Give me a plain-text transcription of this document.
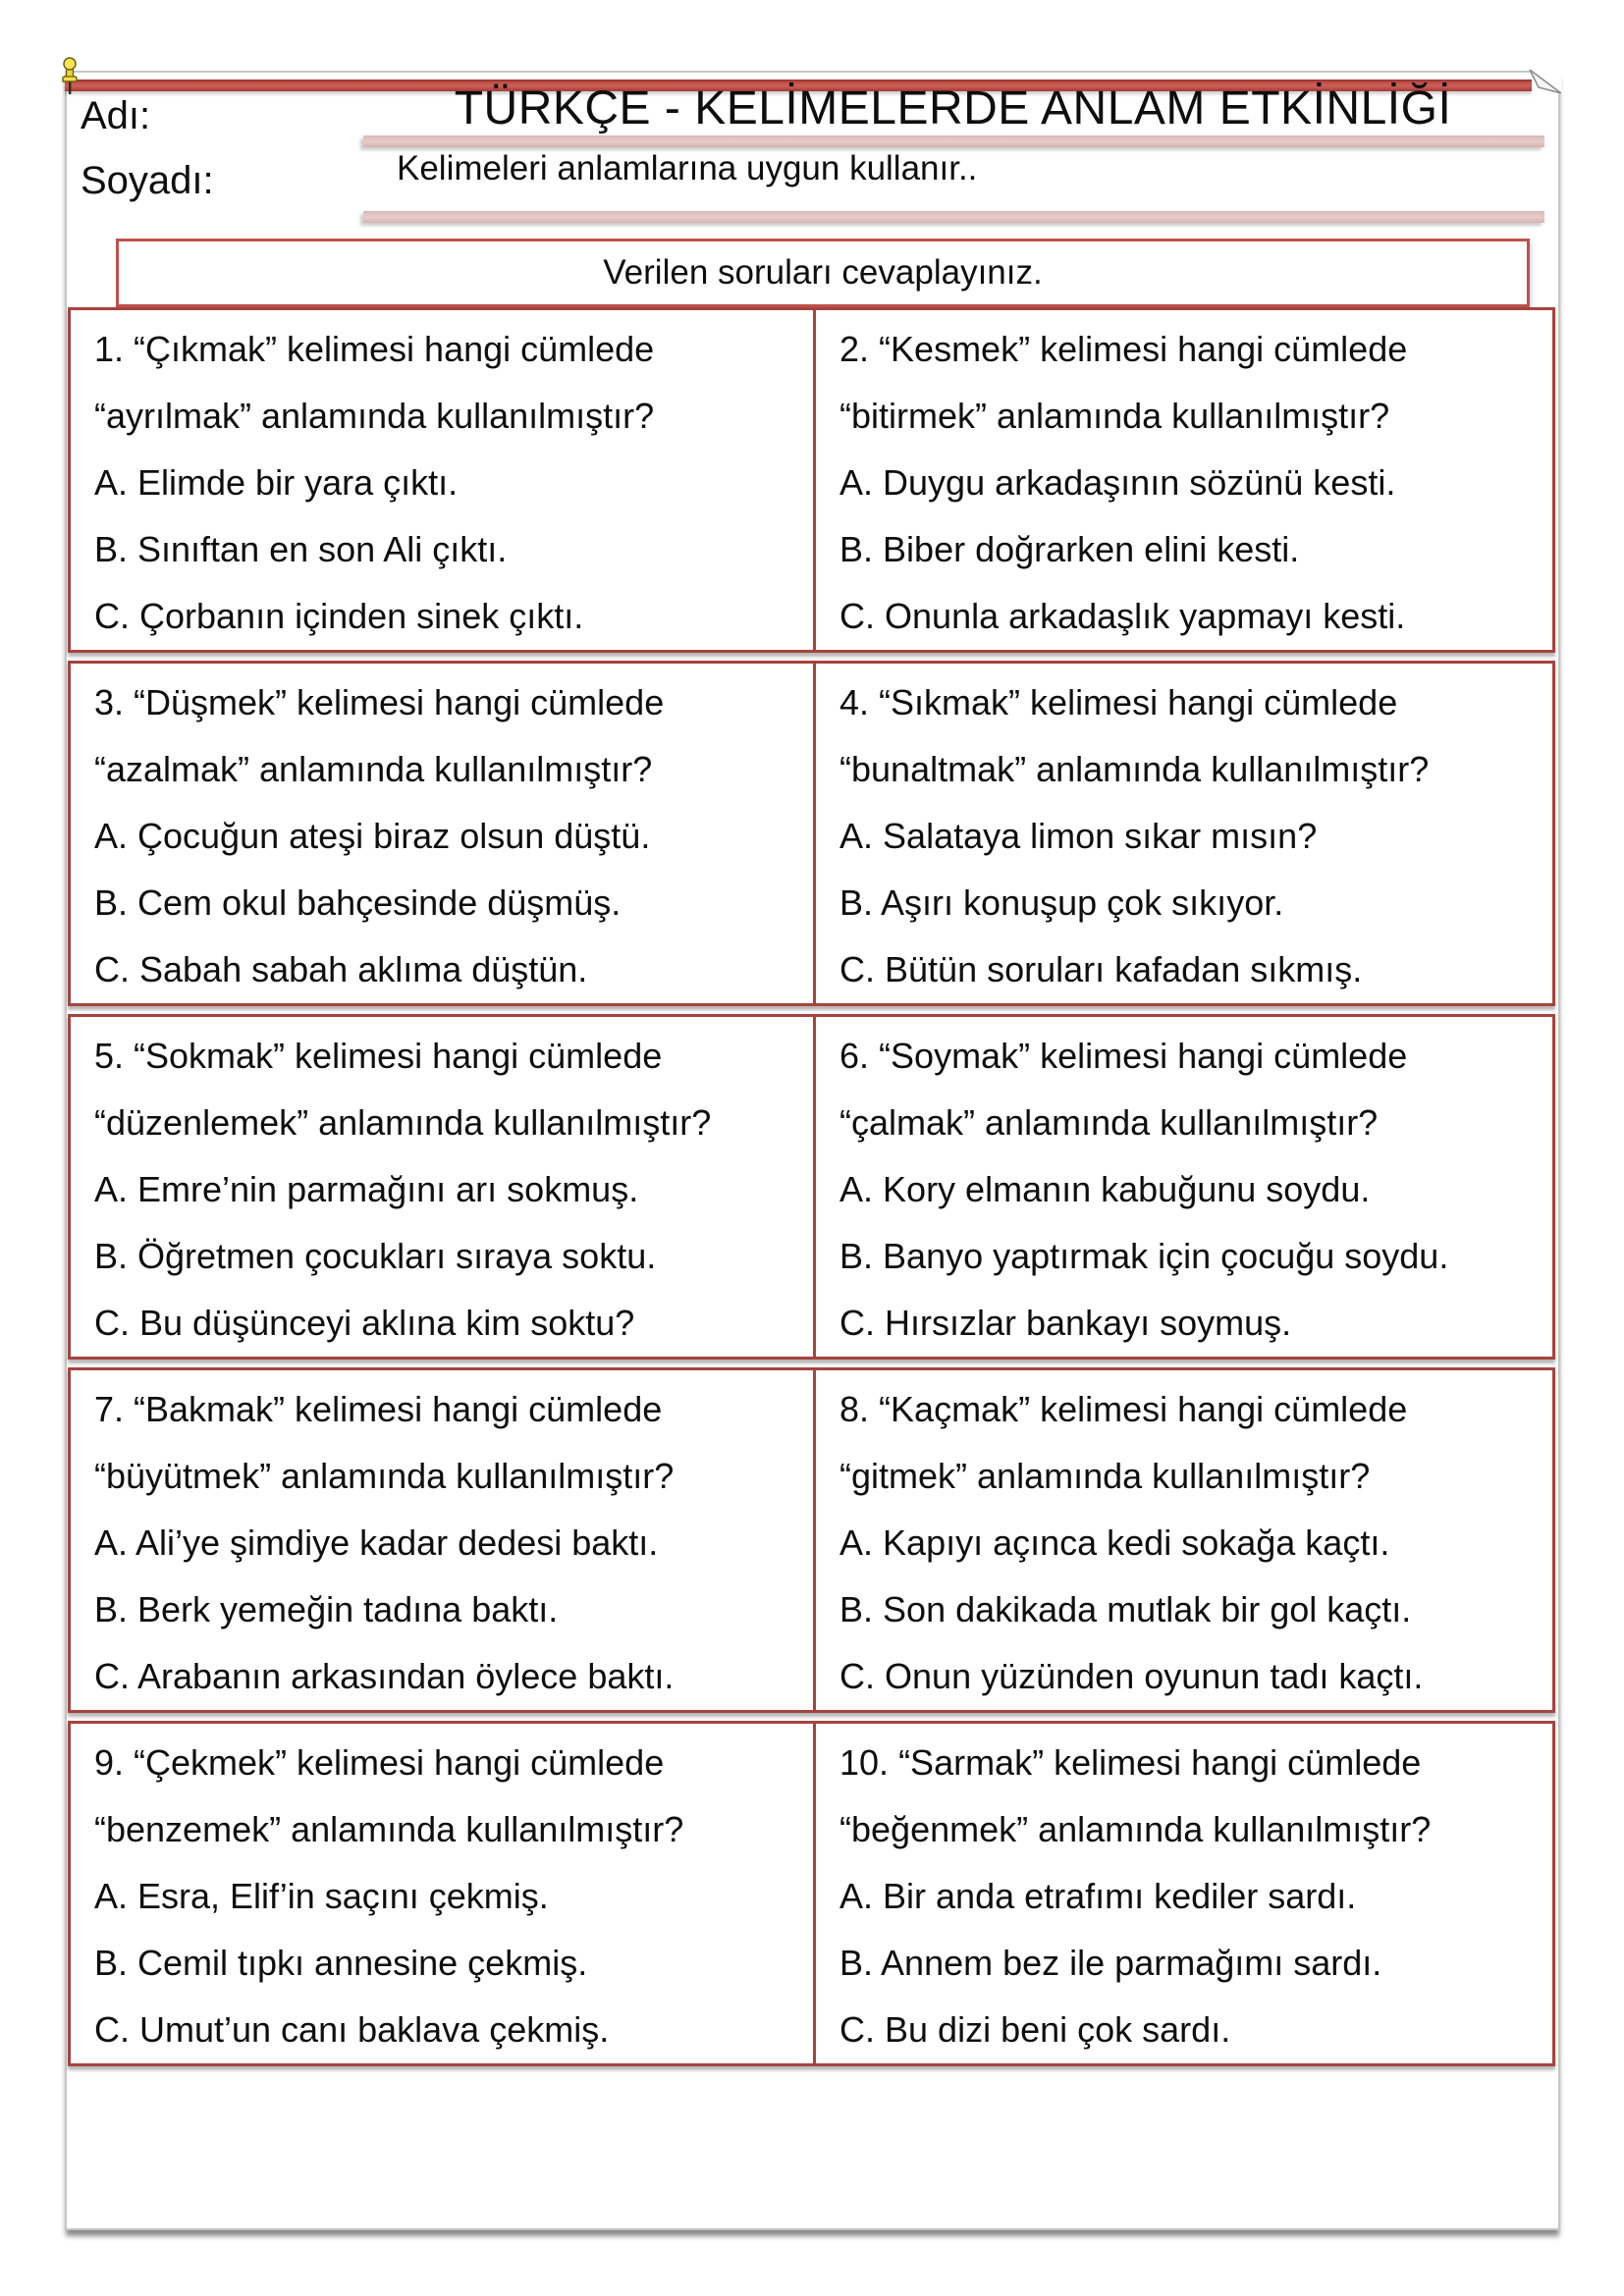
Adı:
Soyadı:
TÜRKÇE - KELİMELERDE ANLAM ETKİNLİĞİ
Kelimeleri anlamlarına uygun kullanır..
Verilen soruları cevaplayınız.
1. “Çıkmak” kelimesi hangi cümlede
“ayrılmak” anlamında kullanılmıştır?
A. Elimde bir yara çıktı.
B. Sınıftan en son Ali çıktı.
C. Çorbanın içinden sinek çıktı.
2. “Kesmek” kelimesi hangi cümlede
“bitirmek” anlamında kullanılmıştır?
A. Duygu arkadaşının sözünü kesti.
B. Biber doğrarken elini kesti.
C. Onunla arkadaşlık yapmayı kesti.
3. “Düşmek” kelimesi hangi cümlede
“azalmak” anlamında kullanılmıştır?
A. Çocuğun ateşi biraz olsun düştü.
B. Cem okul bahçesinde düşmüş.
C. Sabah sabah aklıma düştün.
4. “Sıkmak” kelimesi hangi cümlede
“bunaltmak” anlamında kullanılmıştır?
A. Salataya limon sıkar mısın?
B. Aşırı konuşup çok sıkıyor.
C. Bütün soruları kafadan sıkmış.
5. “Sokmak” kelimesi hangi cümlede
“düzenlemek” anlamında kullanılmıştır?
A. Emre’nin parmağını arı sokmuş.
B. Öğretmen çocukları sıraya soktu.
C. Bu düşünceyi aklına kim soktu?
6. “Soymak” kelimesi hangi cümlede
“çalmak” anlamında kullanılmıştır?
A. Kory elmanın kabuğunu soydu.
B. Banyo yaptırmak için çocuğu soydu.
C. Hırsızlar bankayı soymuş.
7. “Bakmak” kelimesi hangi cümlede
“büyütmek” anlamında kullanılmıştır?
A. Ali’ye şimdiye kadar dedesi baktı.
B. Berk yemeğin tadına baktı.
C. Arabanın arkasından öylece baktı.
8. “Kaçmak” kelimesi hangi cümlede
“gitmek” anlamında kullanılmıştır?
A. Kapıyı açınca kedi sokağa kaçtı.
B. Son dakikada mutlak bir gol kaçtı.
C. Onun yüzünden oyunun tadı kaçtı.
9. “Çekmek” kelimesi hangi cümlede
“benzemek” anlamında kullanılmıştır?
A. Esra, Elif’in saçını çekmiş.
B. Cemil tıpkı annesine çekmiş.
C. Umut’un canı baklava çekmiş.
10. “Sarmak” kelimesi hangi cümlede
“beğenmek” anlamında kullanılmıştır?
A. Bir anda etrafımı kediler sardı.
B. Annem bez ile parmağımı sardı.
C. Bu dizi beni çok sardı.
